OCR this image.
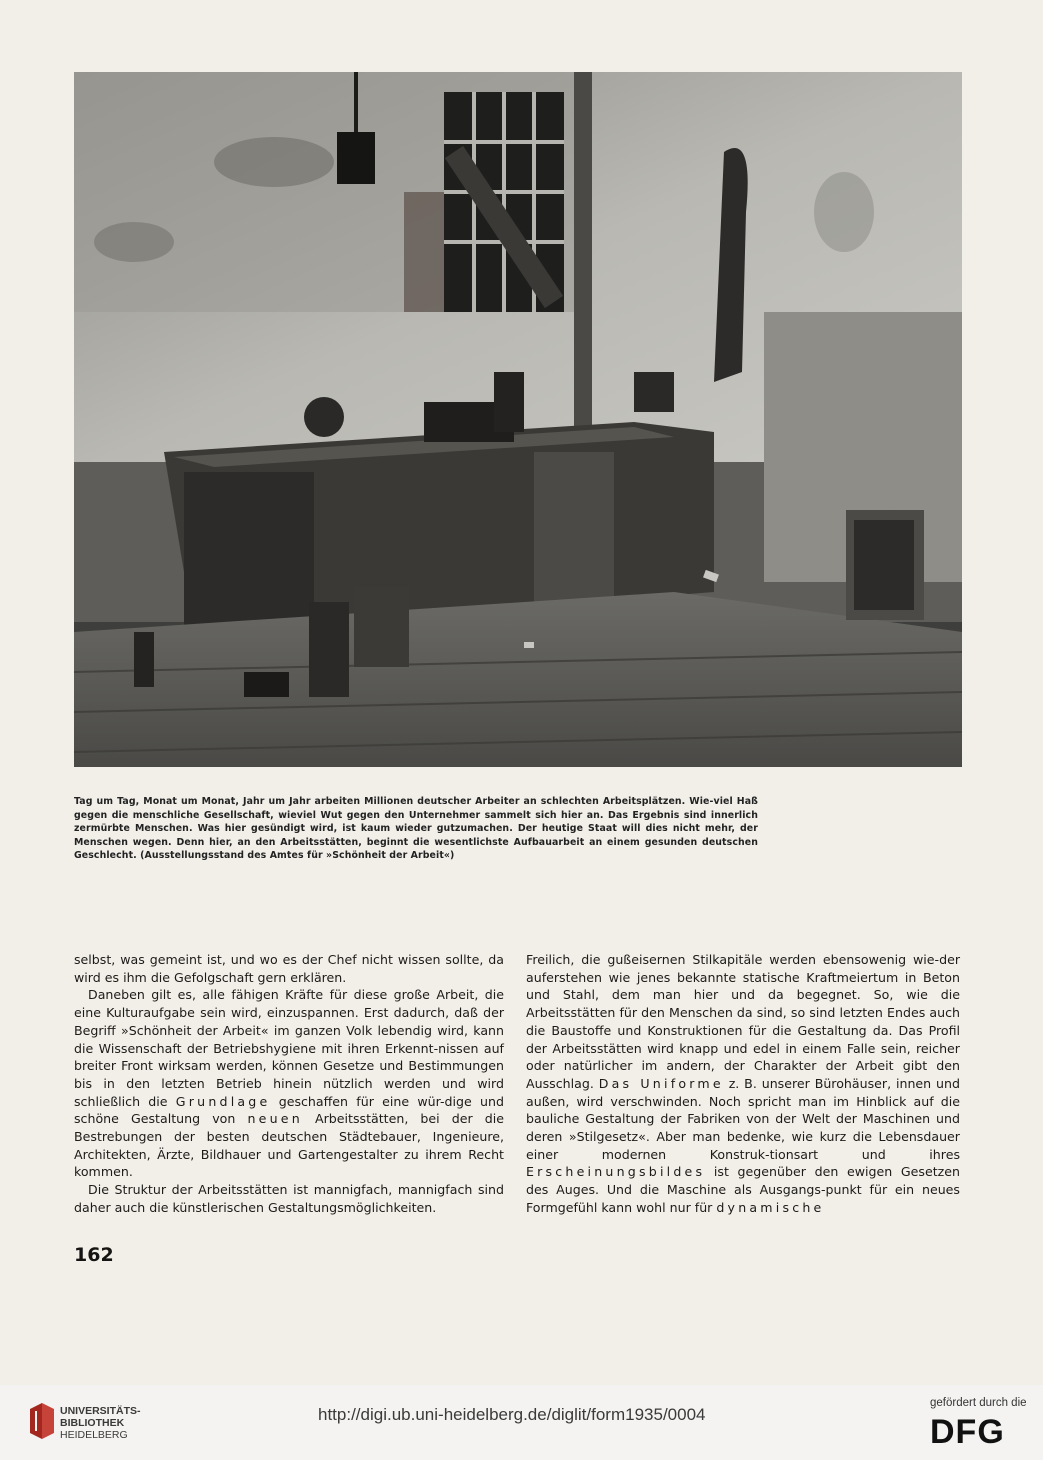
Tag um Tag, Monat um Monat, Jahr um Jahr arbeiten Millionen deutscher Arbeiter an schlechten Arbeitsplätzen. Wie-viel Haß gegen die menschliche Gesellschaft, wieviel Wut gegen den Unternehmer sammelt sich hier an. Das Ergebnis sind innerlich zermürbte Menschen. Was hier gesündigt wird, ist kaum wieder gutzumachen. Der heutige Staat will dies nicht mehr, der Menschen wegen. Denn hier, an den Arbeitsstätten, beginnt die wesentlichste Aufbauarbeit an einem gesunden deutschen Geschlecht. (Ausstellungsstand des Amtes für »Schönheit der Arbeit«)

selbst, was gemeint ist, und wo es der Chef nicht wissen sollte, da wird es ihm die Gefolgschaft gern erklären.

Daneben gilt es, alle fähigen Kräfte für diese große Arbeit, die eine Kulturaufgabe sein wird, einzuspannen. Erst dadurch, daß der Begriff »Schönheit der Arbeit« im ganzen Volk lebendig wird, kann die Wissenschaft der Betriebshygiene mit ihren Erkennt-nissen auf breiter Front wirksam werden, können Gesetze und Bestimmungen bis in den letzten Betrieb hinein nützlich werden und wird schließlich die Grundlage geschaffen für eine wür-dige und schöne Gestaltung von neuen Arbeitsstätten, bei der die Bestrebungen der besten deutschen Städtebauer, Ingenieure, Architekten, Ärzte, Bildhauer und Gartengestalter zu ihrem Recht kommen.

Die Struktur der Arbeitsstätten ist mannigfach, mannigfach sind daher auch die künstlerischen Gestaltungsmöglichkeiten.

Freilich, die gußeisernen Stilkapitäle werden ebensowenig wie-der auferstehen wie jenes bekannte statische Kraftmeiertum in Beton und Stahl, dem man hier und da begegnet. So, wie die Arbeitsstätten für den Menschen da sind, so sind letzten Endes auch die Baustoffe und Konstruktionen für die Gestaltung da. Das Profil der Arbeitsstätten wird knapp und edel in einem Falle sein, reicher oder natürlicher im andern, der Charakter der Arbeit gibt den Ausschlag. Das Uniforme z. B. unserer Bürohäuser, innen und außen, wird verschwinden. Noch spricht man im Hinblick auf die bauliche Gestaltung der Fabriken von der Welt der Maschinen und deren »Stilgesetz«. Aber man bedenke, wie kurz die Lebensdauer einer modernen Konstruk-tionsart und ihres Erscheinungsbildes ist gegenüber den ewigen Gesetzen des Auges. Und die Maschine als Ausgangs-punkt für ein neues Formgefühl kann wohl nur für dynamische

162
UNIVERSITÄTS-
BIBLIOTHEK
HEIDELBERG
http://digi.ub.uni-heidelberg.de/diglit/form1935/0004
gefördert durch die
DFG
